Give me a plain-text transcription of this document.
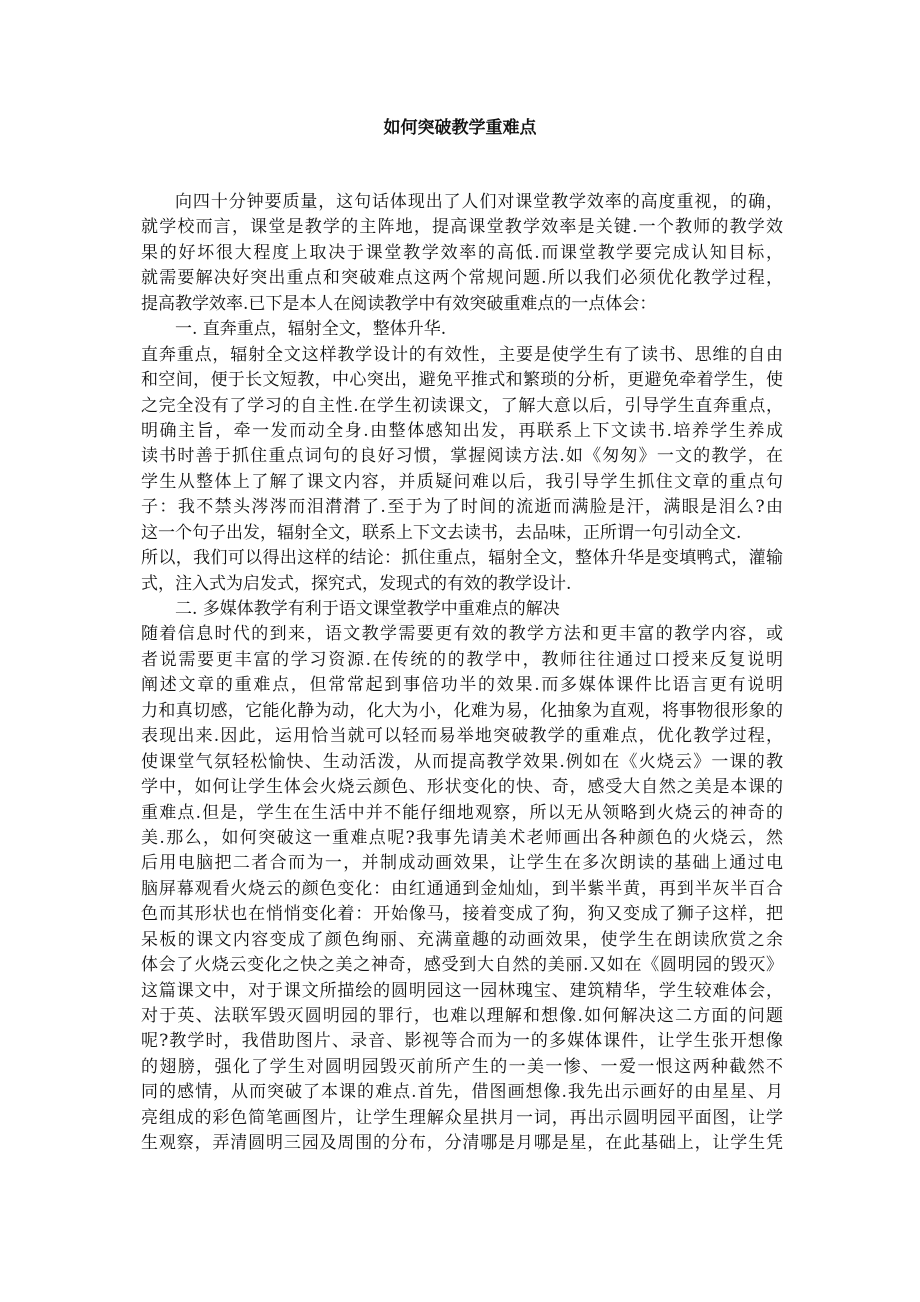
如何突破教学重难点
向四十分钟要质量，这句话体现出了人们对课堂教学效率的高度重视，的确，
就学校而言，课堂是教学的主阵地，提高课堂教学效率是关键.一个教师的教学效
果的好坏很大程度上取决于课堂教学效率的高低.而课堂教学要完成认知目标，
就需要解决好突出重点和突破难点这两个常规问题.所以我们必须优化教学过程，
提高教学效率.已下是本人在阅读教学中有效突破重难点的一点体会：
一. 直奔重点，辐射全文，整体升华.
直奔重点，辐射全文这样教学设计的有效性，主要是使学生有了读书、思维的自由
和空间，便于长文短教，中心突出，避免平推式和繁琐的分析，更避免牵着学生，使
之完全没有了学习的自主性.在学生初读课文，了解大意以后，引导学生直奔重点，
明确主旨，牵一发而动全身.由整体感知出发，再联系上下文读书.培养学生养成
读书时善于抓住重点词句的良好习惯，掌握阅读方法.如《匆匆》一文的教学，在
学生从整体上了解了课文内容，并质疑问难以后，我引导学生抓住文章的重点句
子：我不禁头涔涔而泪潸潸了.至于为了时间的流逝而满脸是汗，满眼是泪么?由
这一个句子出发，辐射全文，联系上下文去读书，去品味，正所谓一句引动全文.
所以，我们可以得出这样的结论：抓住重点，辐射全文，整体升华是变填鸭式，灌输
式，注入式为启发式，探究式，发现式的有效的教学设计.
二. 多媒体教学有利于语文课堂教学中重难点的解决
随着信息时代的到来，语文教学需要更有效的教学方法和更丰富的教学内容，或
者说需要更丰富的学习资源.在传统的的教学中，教师往往通过口授来反复说明
阐述文章的重难点，但常常起到事倍功半的效果.而多媒体课件比语言更有说明
力和真切感，它能化静为动，化大为小，化难为易，化抽象为直观，将事物很形象的
表现出来.因此，运用恰当就可以轻而易举地突破教学的重难点，优化教学过程，
使课堂气氛轻松愉快、生动活泼，从而提高教学效果.例如在《火烧云》一课的教
学中，如何让学生体会火烧云颜色、形状变化的快、奇，感受大自然之美是本课的
重难点.但是，学生在生活中并不能仔细地观察，所以无从领略到火烧云的神奇的
美.那么，如何突破这一重难点呢?我事先请美术老师画出各种颜色的火烧云，然
后用电脑把二者合而为一，并制成动画效果，让学生在多次朗读的基础上通过电
脑屏幕观看火烧云的颜色变化：由红通通到金灿灿，到半紫半黄，再到半灰半百合
色而其形状也在悄悄变化着：开始像马，接着变成了狗，狗又变成了狮子这样，把
呆板的课文内容变成了颜色绚丽、充满童趣的动画效果，使学生在朗读欣赏之余
体会了火烧云变化之快之美之神奇，感受到大自然的美丽.又如在《圆明园的毁灭》
这篇课文中，对于课文所描绘的圆明园这一园林瑰宝、建筑精华，学生较难体会，
对于英、法联军毁灭圆明园的罪行，也难以理解和想像.如何解决这二方面的问题
呢?教学时，我借助图片、录音、影视等合而为一的多媒体课件，让学生张开想像
的翅膀，强化了学生对圆明园毁灭前所产生的一美一惨、一爱一恨这两种截然不
同的感情，从而突破了本课的难点.首先，借图画想像.我先出示画好的由星星、月
亮组成的彩色简笔画图片，让学生理解众星拱月一词，再出示圆明园平面图，让学
生观察，弄清圆明三园及周围的分布，分清哪是月哪是星，在此基础上，让学生凭
